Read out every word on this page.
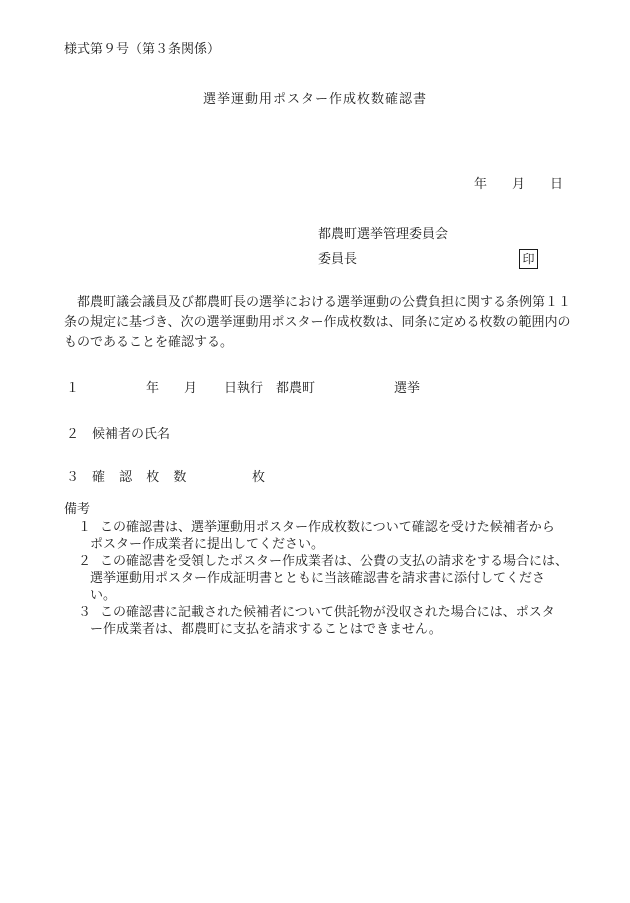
様式第９号（第３条関係）
選挙運動用ポスター作成枚数確認書
年 月 日
都農町選挙管理委員会
委員長	印
都農町議会議員及び都農町長の選挙における選挙運動の公費負担に関する条例第１１条の規定に基づき、次の選挙運動用ポスター作成枚数は、同条に定める枚数の範囲内のものであることを確認する。
１	年 月 日執行 都農町	選挙
２ 候補者の氏名
３ 確 認 枚 数	枚
備考
１ この確認書は、選挙運動用ポスター作成枚数について確認を受けた候補者から
ポスター作成業者に提出してください。
２ この確認書を受領したポスター作成業者は、公費の支払の請求をする場合には、
選挙運動用ポスター作成証明書とともに当該確認書を請求書に添付してくださ
い。
３ この確認書に記載された候補者について供託物が没収された場合には、ポスタ
ー作成業者は、都農町に支払を請求することはできません。
